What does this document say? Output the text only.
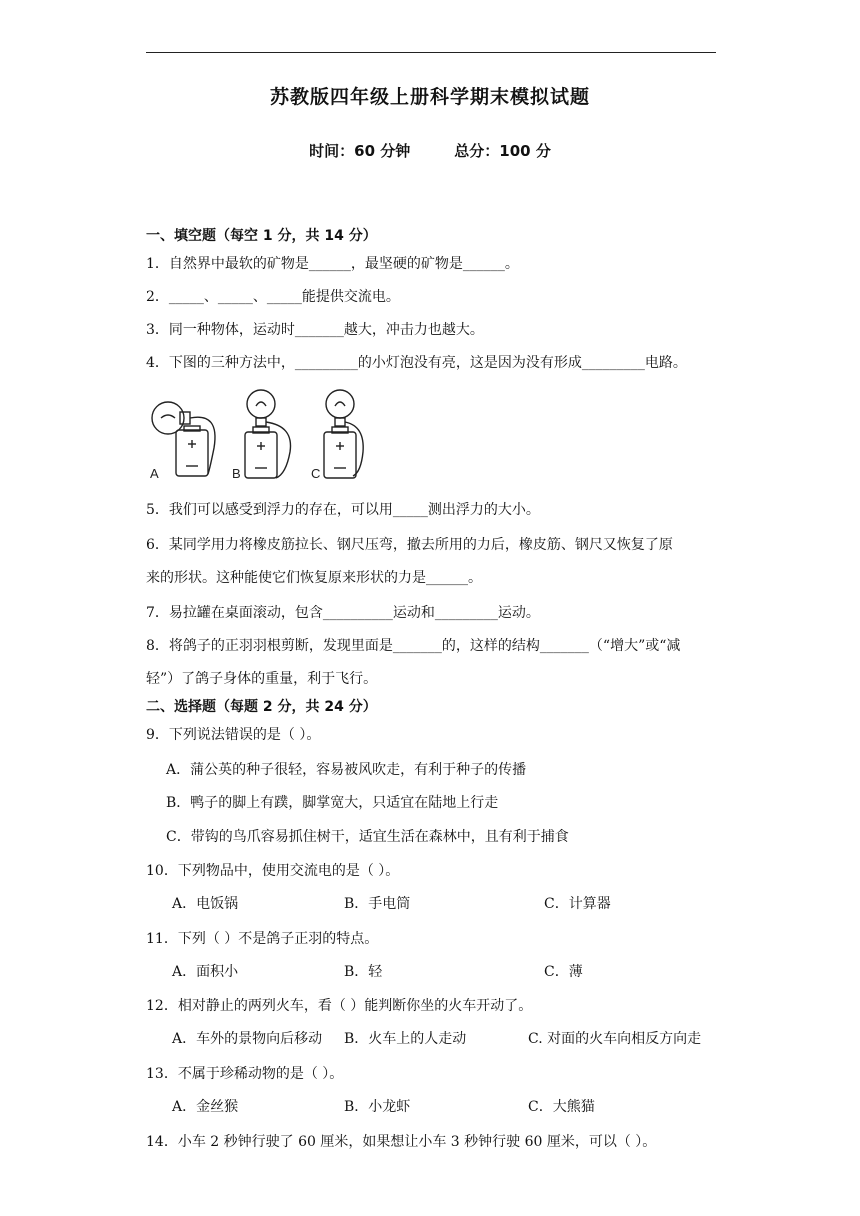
苏教版四年级上册科学期末模拟试题
时间：60 分钟	总分：100 分
一、填空题（每空 1 分，共 14 分）
1．自然界中最软的矿物是______，最坚硬的矿物是______。
2．_____、_____、_____能提供交流电。
3．同一种物体，运动时_______越大，冲击力也越大。
4．下图的三种方法中，_________的小灯泡没有亮，这是因为没有形成_________电路。
A	B	C
5．我们可以感受到浮力的存在，可以用_____测出浮力的大小。
6．某同学用力将橡皮筋拉长、钢尺压弯，撤去所用的力后，橡皮筋、钢尺又恢复了原
来的形状。这种能使它们恢复原来形状的力是______。
7．易拉罐在桌面滚动，包含__________运动和_________运动。
8．将鸽子的正羽羽根剪断，发现里面是_______的，这样的结构_______（“增大”或“减
轻”）了鸽子身体的重量，利于飞行。
二、选择题（每题 2 分，共 24 分）
9．下列说法错误的是（ ）。
A．蒲公英的种子很轻，容易被风吹走，有利于种子的传播
B．鸭子的脚上有蹼，脚掌宽大，只适宜在陆地上行走
C．带钩的鸟爪容易抓住树干，适宜生活在森林中，且有利于捕食
10．下列物品中，使用交流电的是（ ）。
A．电饭锅	B．手电筒	C．计算器
11．下列（ ）不是鸽子正羽的特点。
A．面积小	B．轻	C．薄
12．相对静止的两列火车，看（ ）能判断你坐的火车开动了。
A．车外的景物向后移动 B．火车上的人走动	C. 对面的火车向相反方向走
13．不属于珍稀动物的是（ ）。
A．金丝猴	B．小龙虾	C．大熊猫
14．小车 2 秒钟行驶了 60 厘米，如果想让小车 3 秒钟行驶 60 厘米，可以（ ）。
